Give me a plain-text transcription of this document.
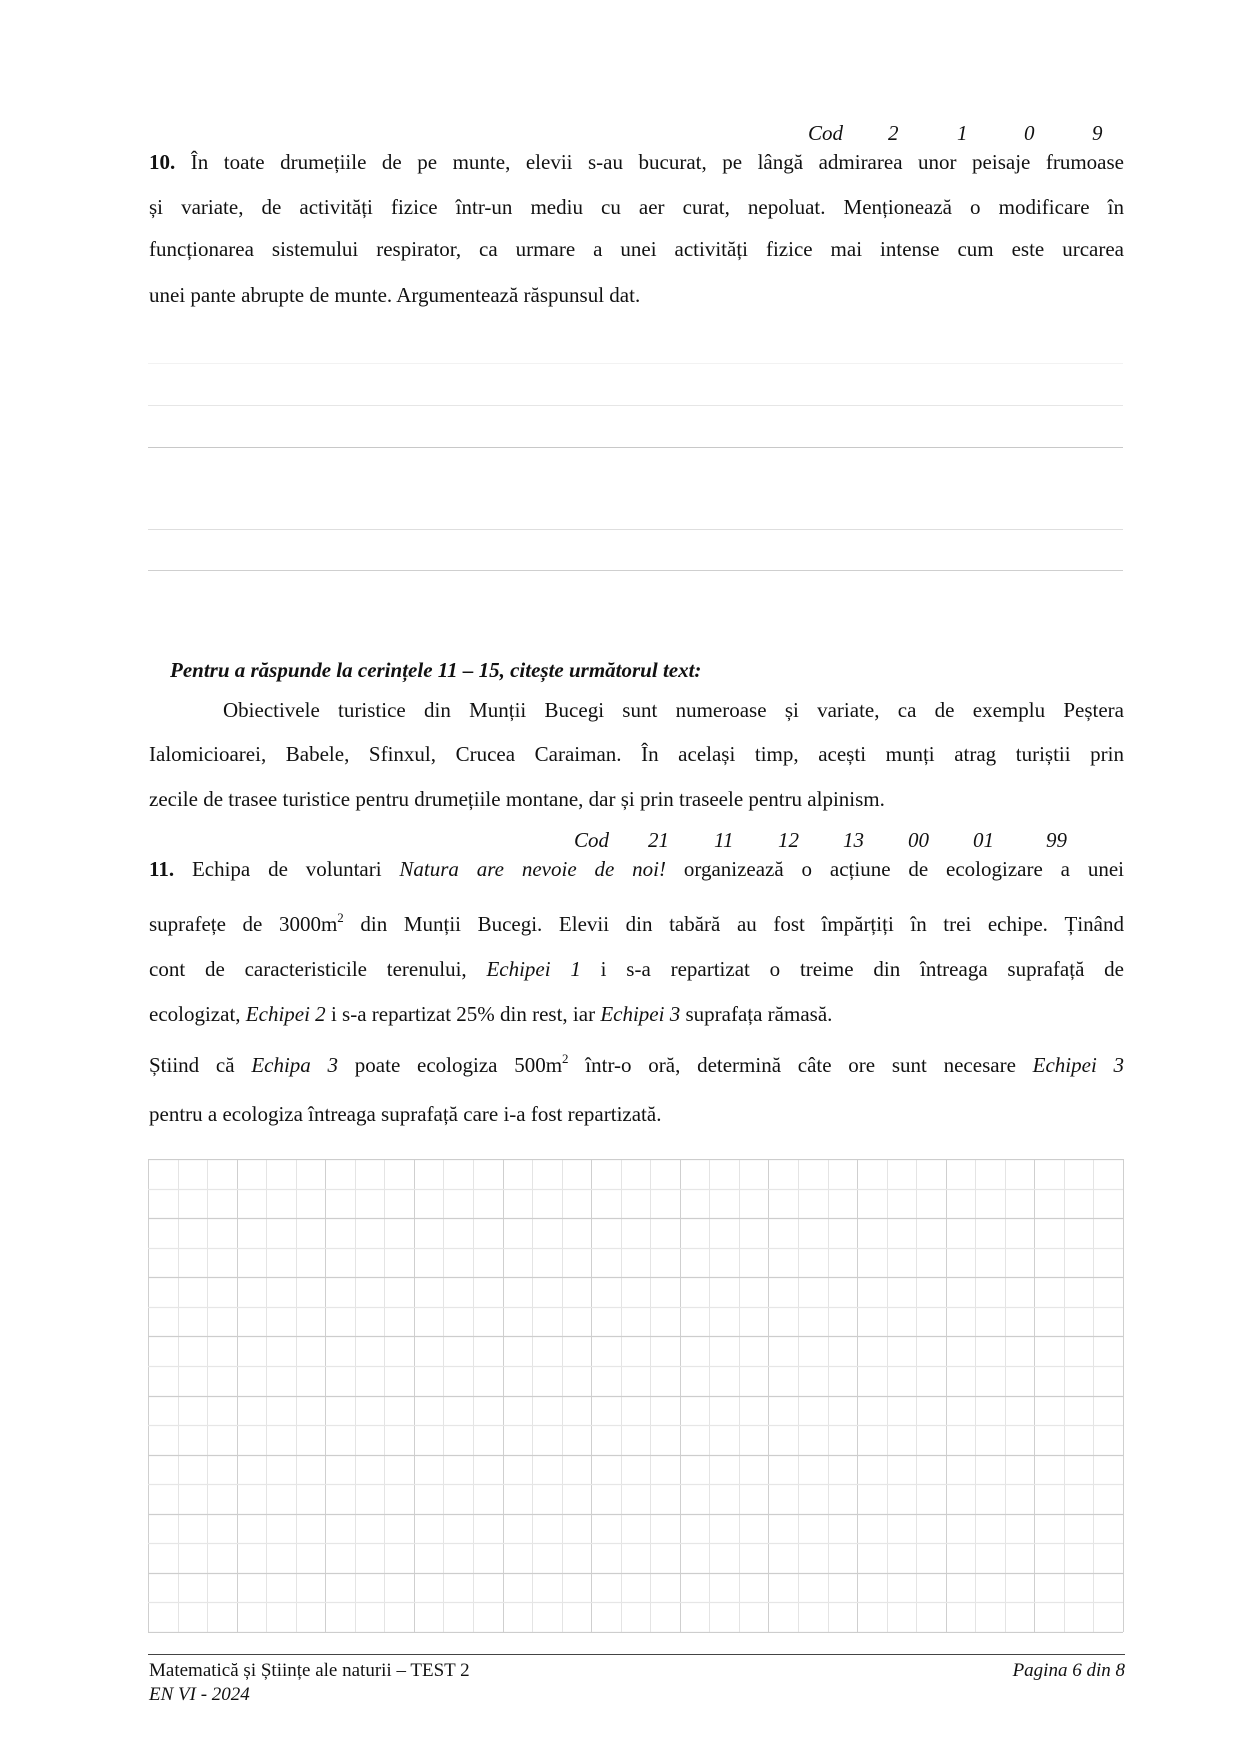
Cod 2	1	0	9
10. În toate drumețiile de pe munte, elevii s-au bucurat, pe lângă admirarea unor peisaje frumoase
și variate, de activități fizice într-un mediu cu aer curat, nepoluat. Menționează o modificare în
funcționarea sistemului respirator, ca urmare a unei activități fizice mai intense cum este urcarea
unei pante abrupte de munte. Argumentează răspunsul dat.
Pentru a răspunde la cerințele 11 – 15, citește următorul text:
Obiectivele turistice din Munții Bucegi sunt numeroase și variate, ca de exemplu Peștera
Ialomicioarei, Babele, Sfinxul, Crucea Caraiman. În același timp, acești munți atrag turiștii prin
zecile de trasee turistice pentru drumețiile montane, dar și prin traseele pentru alpinism.
Cod 21 11 12 13 00 01 99
11. Echipa de voluntari Natura are nevoie de noi! organizează o acțiune de ecologizare a unei
suprafețe de $3000m^2$ din Munții Bucegi. Elevii din tabără au fost împărțiți în trei echipe. Ținând
cont de caracteristicile terenului, Echipei 1 i s-a repartizat o treime din întreaga suprafață de
ecologizat, Echipei 2 i s-a repartizat 25% din rest, iar Echipei 3 suprafața rămasă.
Știind că Echipa 3 poate ecologiza $500m^2$ într-o oră, determină câte ore sunt necesare Echipei 3
pentru a ecologiza întreaga suprafață care i-a fost repartizată.
Matematică și Științe ale naturii – TEST 2
EN VI - 2024
Pagina 6 din 8
